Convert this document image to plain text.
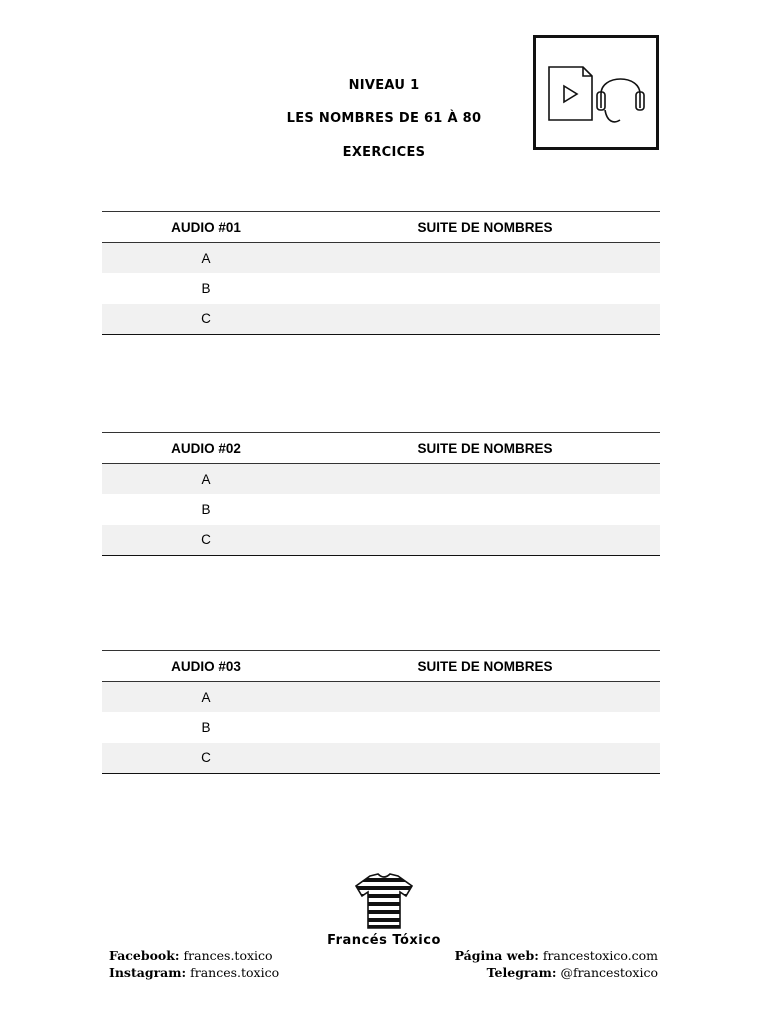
NIVEAU 1
LES NOMBRES DE 61 À 80
EXERCICES
AUDIO #01	SUITE DE NOMBRES
A	
B	
C	
AUDIO #02	SUITE DE NOMBRES
A	
B	
C	
AUDIO #03	SUITE DE NOMBRES
A	
B	
C	
Francés Tóxico
Facebook: frances.toxico
Instagram: frances.toxico
Página web: francestoxico.com
Telegram: @francestoxico
